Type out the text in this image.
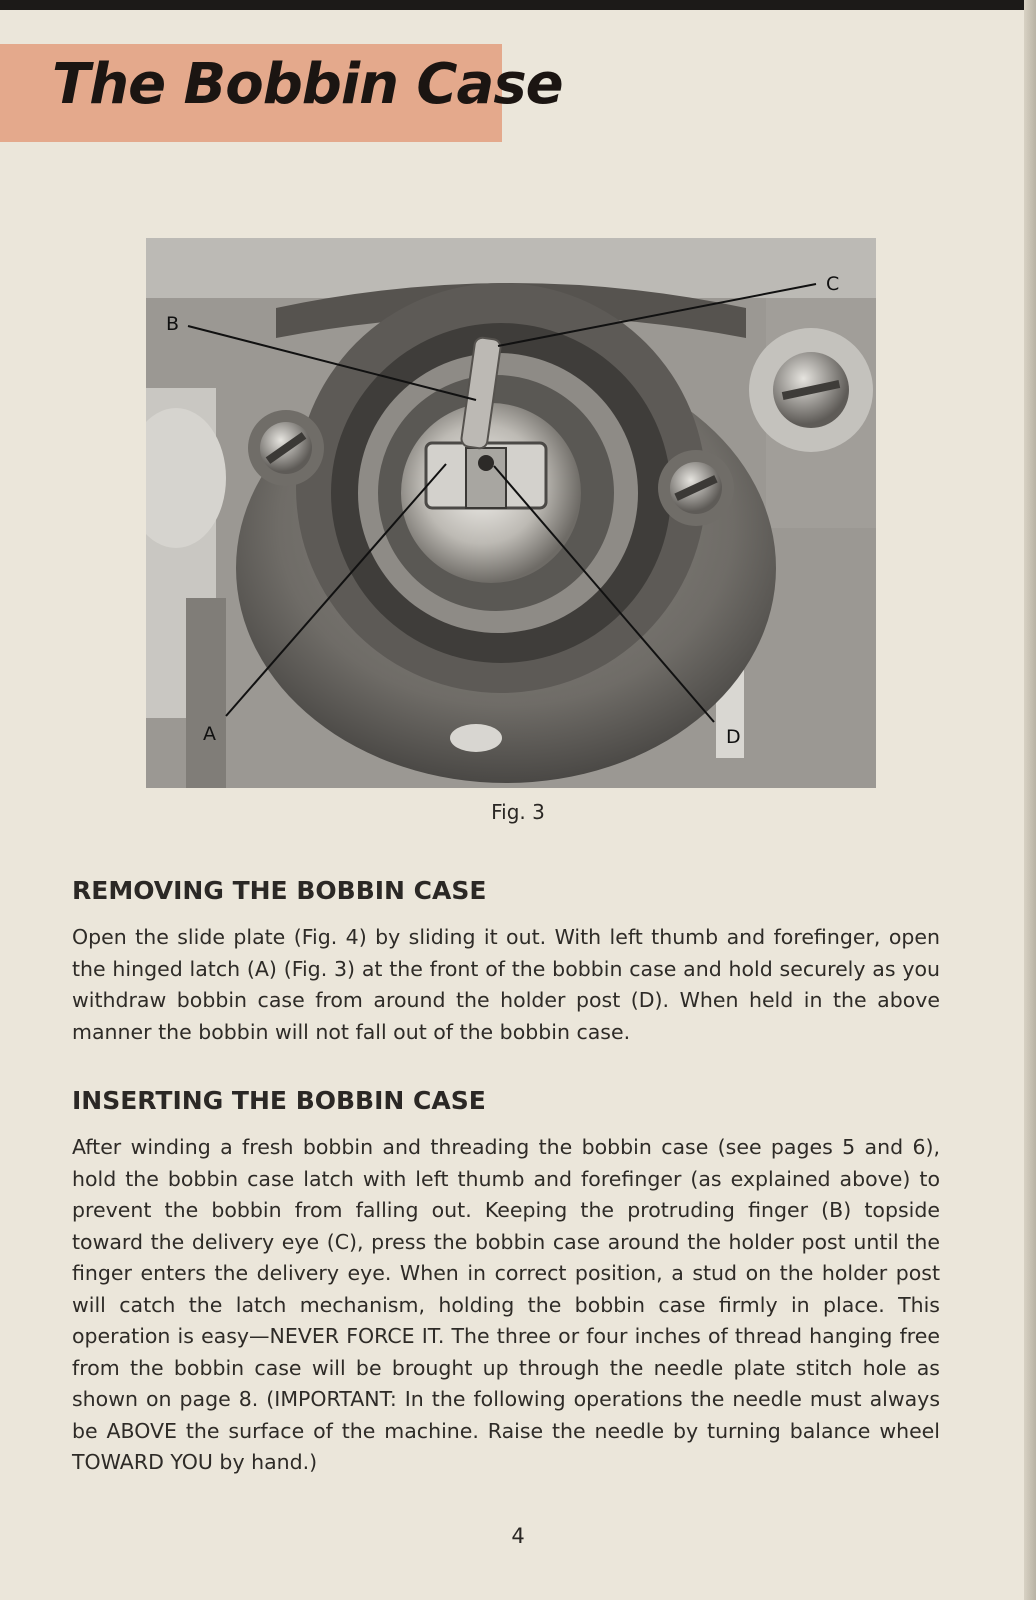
The Bobbin Case
B
C
A	D
Fig. 3
REMOVING THE BOBBIN CASE
Open the slide plate (Fig. 4) by sliding it out. With left thumb and forefinger, open the hinged latch (A) (Fig. 3) at the front of the bobbin case and hold securely as you withdraw bobbin case from around the holder post (D). When held in the above manner the bobbin will not fall out of the bobbin case.
INSERTING THE BOBBIN CASE
After winding a fresh bobbin and threading the bobbin case (see pages 5 and 6), hold the bobbin case latch with left thumb and forefinger (as explained above) to prevent the bobbin from falling out. Keeping the protruding finger (B) topside toward the delivery eye (C), press the bobbin case around the holder post until the finger enters the delivery eye. When in correct position, a stud on the holder post will catch the latch mechanism, holding the bobbin case firmly in place. This operation is easy—NEVER FORCE IT. The three or four inches of thread hanging free from the bobbin case will be brought up through the needle plate stitch hole as shown on page 8. (IMPORTANT: In the following operations the needle must always be ABOVE the surface of the machine. Raise the needle by turning balance wheel TOWARD YOU by hand.)
4
